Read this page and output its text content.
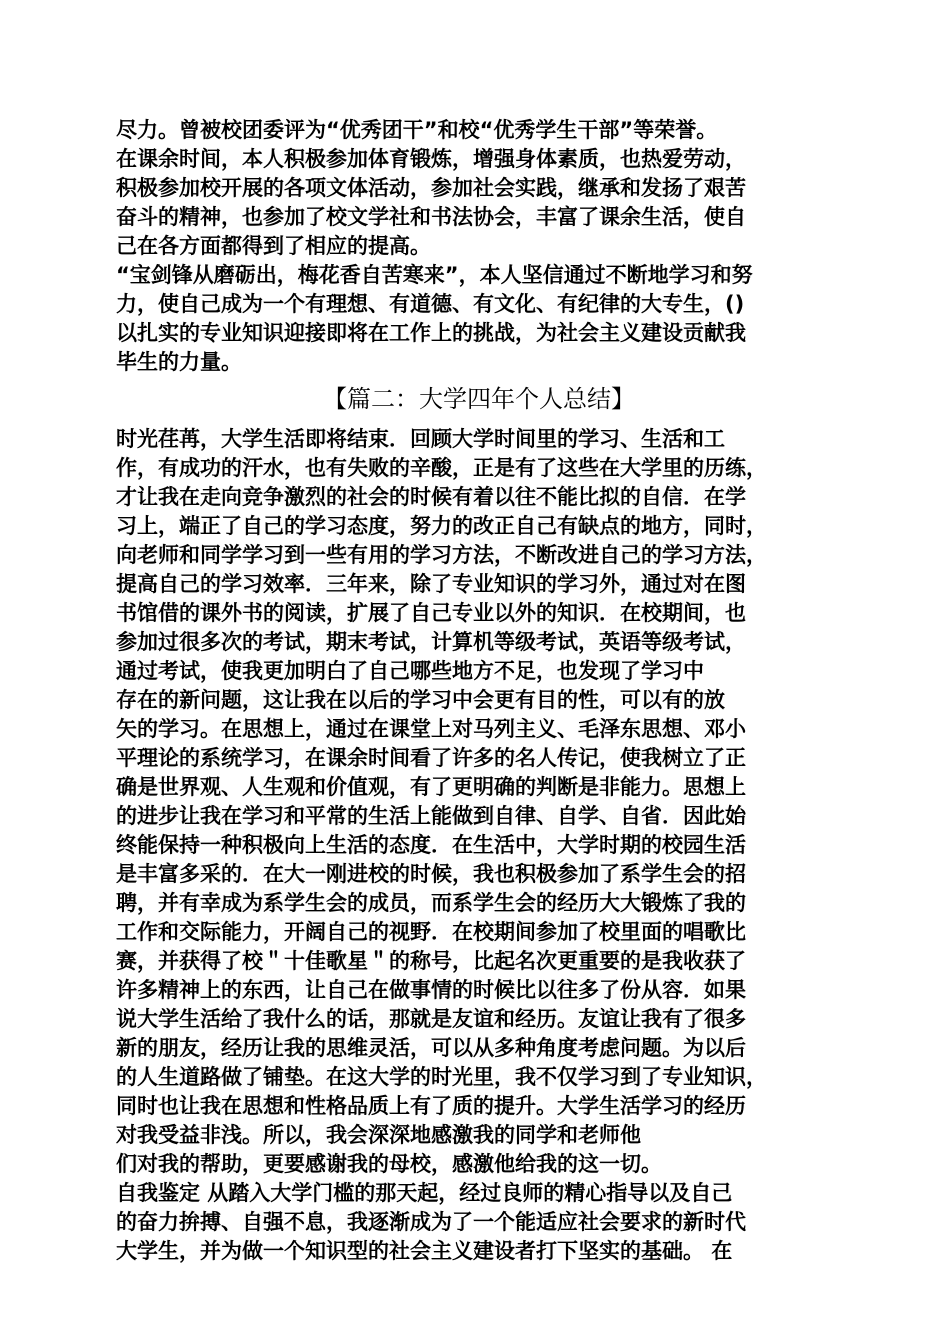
尽力。曾被校团委评为“优秀团干”和校“优秀学生干部”等荣誉。
在课余时间，本人积极参加体育锻炼，增强身体素质，也热爱劳动，
积极参加校开展的各项文体活动，参加社会实践，继承和发扬了艰苦
奋斗的精神，也参加了校文学社和书法协会，丰富了课余生活，使自
己在各方面都得到了相应的提高。
“宝剑锋从磨砺出，梅花香自苦寒来”，本人坚信通过不断地学习和努
力，使自己成为一个有理想、有道德、有文化、有纪律的大专生，()
以扎实的专业知识迎接即将在工作上的挑战，为社会主义建设贡献我
毕生的力量。
【篇二：大学四年个人总结】
时光荏苒，大学生活即将结束．回顾大学时间里的学习、生活和工
作，有成功的汗水，也有失败的辛酸，正是有了这些在大学里的历练，
才让我在走向竞争激烈的社会的时候有着以往不能比拟的自信．在学
习上，端正了自己的学习态度，努力的改正自己有缺点的地方，同时，
向老师和同学学习到一些有用的学习方法，不断改进自己的学习方法，
提高自己的学习效率．三年来，除了专业知识的学习外，通过对在图
书馆借的课外书的阅读，扩展了自己专业以外的知识．在校期间，也
参加过很多次的考试，期末考试，计算机等级考试，英语等级考试，
通过考试，使我更加明白了自己哪些地方不足，也发现了学习中
存在的新问题，这让我在以后的学习中会更有目的性，可以有的放
矢的学习。在思想上，通过在课堂上对马列主义、毛泽东思想、邓小
平理论的系统学习，在课余时间看了许多的名人传记，使我树立了正
确是世界观、人生观和价值观，有了更明确的判断是非能力。思想上
的进步让我在学习和平常的生活上能做到自律、自学、自省．因此始
终能保持一种积极向上生活的态度．在生活中，大学时期的校园生活
是丰富多采的．在大一刚进校的时候，我也积极参加了系学生会的招
聘，并有幸成为系学生会的成员，而系学生会的经历大大锻炼了我的
工作和交际能力，开阔自己的视野．在校期间参加了校里面的唱歌比
赛，并获得了校＂十佳歌星＂的称号，比起名次更重要的是我收获了
许多精神上的东西，让自己在做事情的时候比以往多了份从容．如果
说大学生活给了我什么的话，那就是友谊和经历。友谊让我有了很多
新的朋友，经历让我的思维灵活，可以从多种角度考虑问题。为以后
的人生道路做了铺垫。在这大学的时光里，我不仅学习到了专业知识，
同时也让我在思想和性格品质上有了质的提升。大学生活学习的经历
对我受益非浅。所以，我会深深地感激我的同学和老师他
们对我的帮助，更要感谢我的母校，感激他给我的这一切。
自我鉴定 从踏入大学门槛的那天起，经过良师的精心指导以及自己
的奋力拚搏、自强不息，我逐渐成为了一个能适应社会要求的新时代
大学生，并为做一个知识型的社会主义建设者打下坚实的基础。 在
